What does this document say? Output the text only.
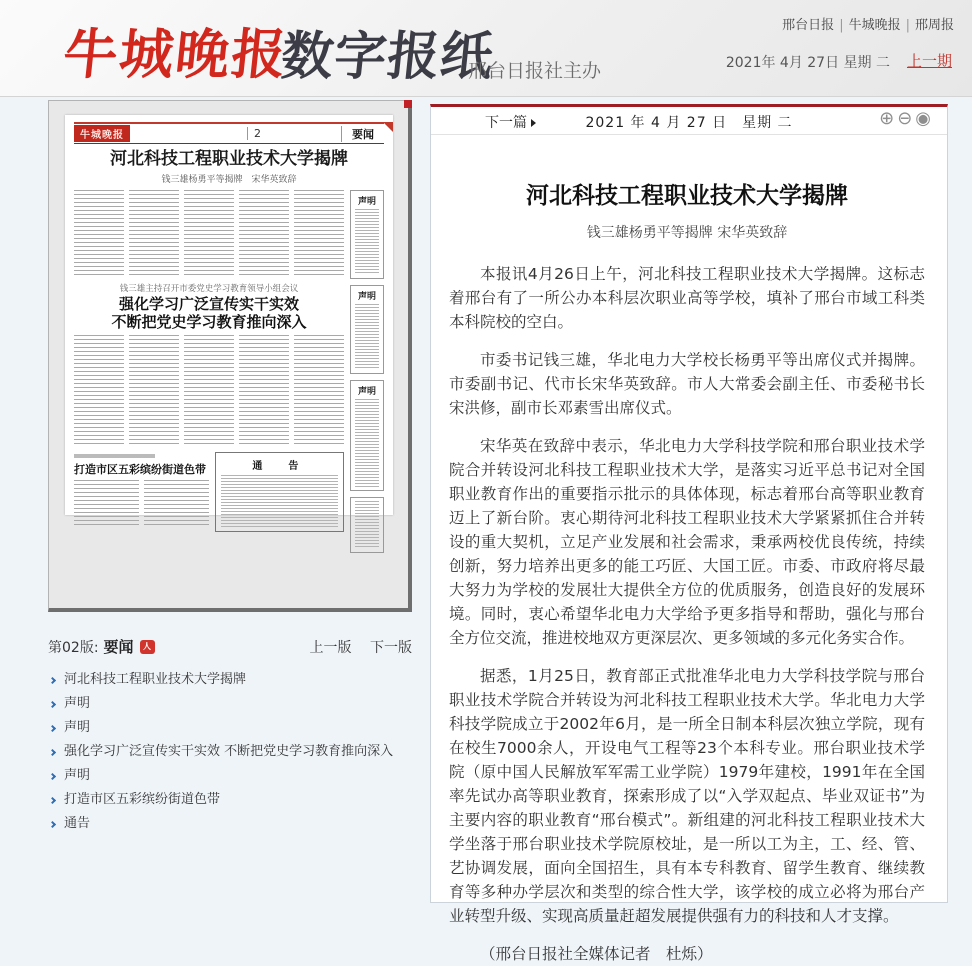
牛城晚报
数字报纸
邢台日报社主办
邢台日报 | 牛城晚报 | 邢周报
2021年 4月 27日 星期 二 上一期
牛城晚报	2	要闻
河北科技工程职业技术大学揭牌
钱三雄杨勇平等揭牌　宋华英致辞
钱三雄主持召开市委党史学习教育领导小组会议
强化学习广泛宣传实干实效
不断把党史学习教育推向深入
打造市区五彩缤纷街道色带	通　告
声明
声明
声明
第02版: 要闻	人	上一版 下一版
河北科技工程职业技术大学揭牌
声明
声明
强化学习广泛宣传实干实效 不断把党史学习教育推向深入
声明
打造市区五彩缤纷街道色带
通告
下一篇	2021 年 4 月 27 日　星期 二	⊕ ⊖ ◉
河北科技工程职业技术大学揭牌
钱三雄杨勇平等揭牌 宋华英致辞

本报讯4月26日上午，河北科技工程职业技术大学揭牌。这标志着邢台有了一所公办本科层次职业高等学校，填补了邢台市域工科类本科院校的空白。

市委书记钱三雄，华北电力大学校长杨勇平等出席仪式并揭牌。市委副书记、代市长宋华英致辞。市人大常委会副主任、市委秘书长宋洪修，副市长邓素雪出席仪式。

宋华英在致辞中表示，华北电力大学科技学院和邢台职业技术学院合并转设河北科技工程职业技术大学，是落实习近平总书记对全国职业教育作出的重要指示批示的具体体现，标志着邢台高等职业教育迈上了新台阶。衷心期待河北科技工程职业技术大学紧紧抓住合并转设的重大契机，立足产业发展和社会需求，秉承两校优良传统，持续创新，努力培养出更多的能工巧匠、大国工匠。市委、市政府将尽最大努力为学校的发展壮大提供全方位的优质服务，创造良好的发展环境。同时，衷心希望华北电力大学给予更多指导和帮助，强化与邢台全方位交流，推进校地双方更深层次、更多领域的多元化务实合作。

据悉，1月25日，教育部正式批准华北电力大学科技学院与邢台职业技术学院合并转设为河北科技工程职业技术大学。华北电力大学科技学院成立于2002年6月，是一所全日制本科层次独立学院，现有在校生7000余人，开设电气工程等23个本科专业。邢台职业技术学院（原中国人民解放军军需工业学院）1979年建校，1991年在全国率先试办高等职业教育，探索形成了以“入学双起点、毕业双证书”为主要内容的职业教育“邢台模式”。新组建的河北科技工程职业技术大学坐落于邢台职业技术学院原校址，是一所以工为主，工、经、管、艺协调发展，面向全国招生，具有本专科教育、留学生教育、继续教育等多种办学层次和类型的综合性大学，该学校的成立必将为邢台产业转型升级、实现高质量赶超发展提供强有力的科技和人才支撑。

（邢台日报社全媒体记者　杜烁）
